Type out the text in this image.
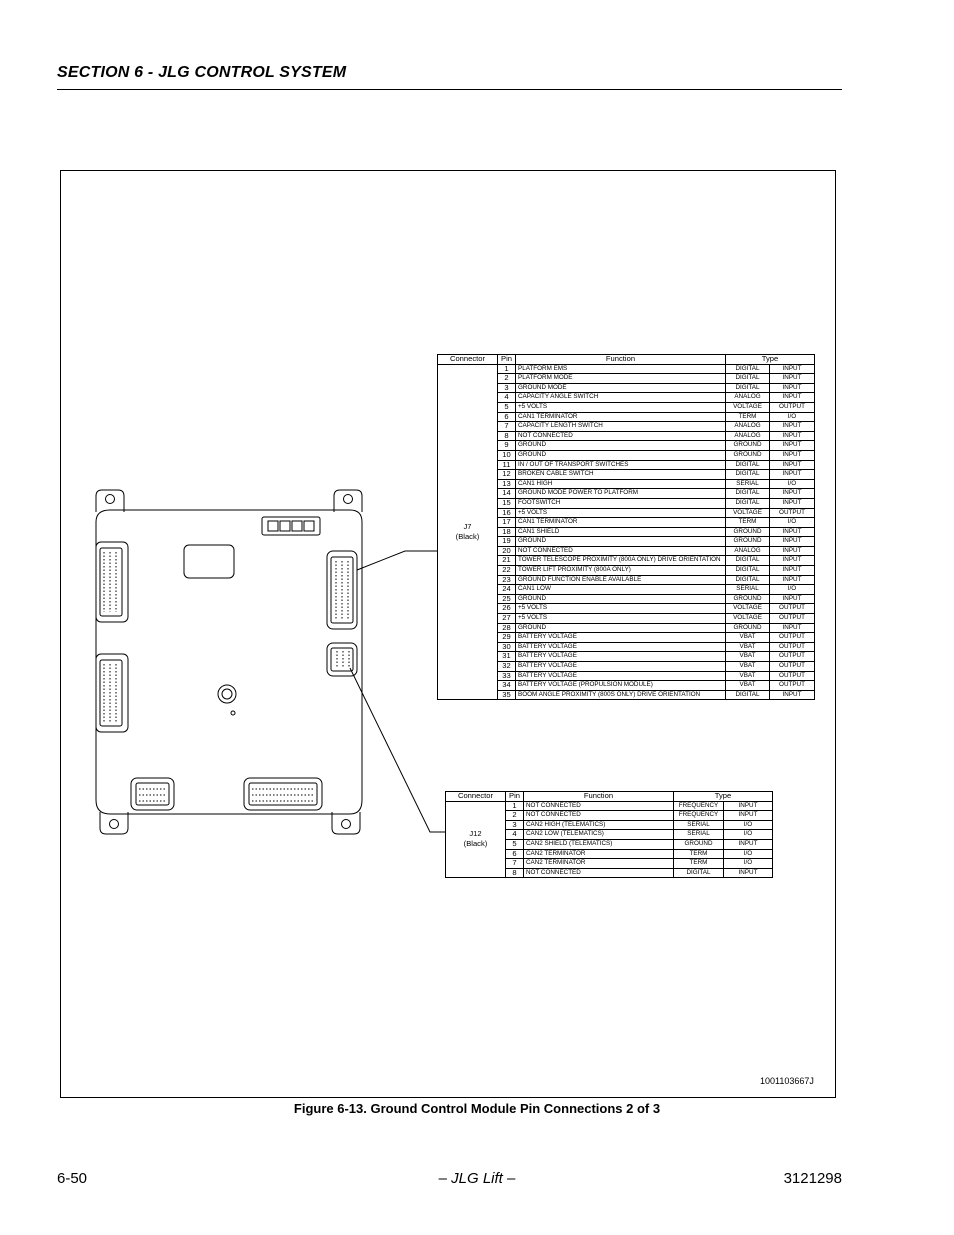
SECTION 6 - JLG CONTROL SYSTEM
Connector	Pin	Function	Type	

J7
(Black)	1	PLATFORM EMS	DIGITAL	INPUT
	2	PLATFORM MODE	DIGITAL	INPUT
	3	GROUND MODE	DIGITAL	INPUT
	4	CAPACITY ANGLE SWITCH	ANALOG	INPUT
	5	+5 VOLTS	VOLTAGE	OUTPUT
	6	CAN1 TERMINATOR	TERM	I/O
	7	CAPACITY LENGTH SWITCH	ANALOG	INPUT
	8	NOT CONNECTED	ANALOG	INPUT
	9	GROUND	GROUND	INPUT
	10	GROUND	GROUND	INPUT
	11	IN / OUT OF TRANSPORT SWITCHES	DIGITAL	INPUT
	12	BROKEN CABLE SWITCH	DIGITAL	INPUT
	13	CAN1 HIGH	SERIAL	I/O
	14	GROUND MODE POWER TO PLATFORM	DIGITAL	INPUT
	15	FOOTSWITCH	DIGITAL	INPUT
	16	+5 VOLTS	VOLTAGE	OUTPUT
	17	CAN1 TERMINATOR	TERM	I/O
	18	CAN1 SHIELD	GROUND	INPUT
	19	GROUND	GROUND	INPUT
	20	NOT CONNECTED	ANALOG	INPUT
	21	TOWER TELESCOPE PROXIMITY (800A ONLY) DRIVE ORIENTATION	DIGITAL	INPUT
	22	TOWER LIFT PROXIMITY (800A ONLY)	DIGITAL	INPUT
	23	GROUND FUNCTION ENABLE AVAILABLE	DIGITAL	INPUT
	24	CAN1 LOW	SERIAL	I/O
	25	GROUND	GROUND	INPUT
	26	+5 VOLTS	VOLTAGE	OUTPUT
	27	+5 VOLTS	VOLTAGE	OUTPUT
	28	GROUND	GROUND	INPUT
	29	BATTERY VOLTAGE	VBAT	OUTPUT
	30	BATTERY VOLTAGE	VBAT	OUTPUT
	31	BATTERY VOLTAGE	VBAT	OUTPUT
	32	BATTERY VOLTAGE	VBAT	OUTPUT
	33	BATTERY VOLTAGE	VBAT	OUTPUT
	34	BATTERY VOLTAGE (PROPULSION MODULE)	VBAT	OUTPUT
	35	BOOM ANGLE PROXIMITY (800S ONLY) DRIVE ORIENTATION	DIGITAL	INPUT
Connector	Pin	Function	Type	

J12
(Black)	1	NOT CONNECTED	FREQUENCY	INPUT
	2	NOT CONNECTED	FREQUENCY	INPUT
	3	CAN2 HIGH (TELEMATICS)	SERIAL	I/O
	4	CAN2 LOW (TELEMATICS)	SERIAL	I/O
	5	CAN2 SHIELD (TELEMATICS)	GROUND	INPUT
	6	CAN2 TERMINATOR	TERM	I/O
	7	CAN2 TERMINATOR	TERM	I/O
	8	NOT CONNECTED	DIGITAL	INPUT
1001103667J
Figure 6-13. Ground Control Module Pin Connections 2 of 3
6-50	– JLG Lift –	3121298
